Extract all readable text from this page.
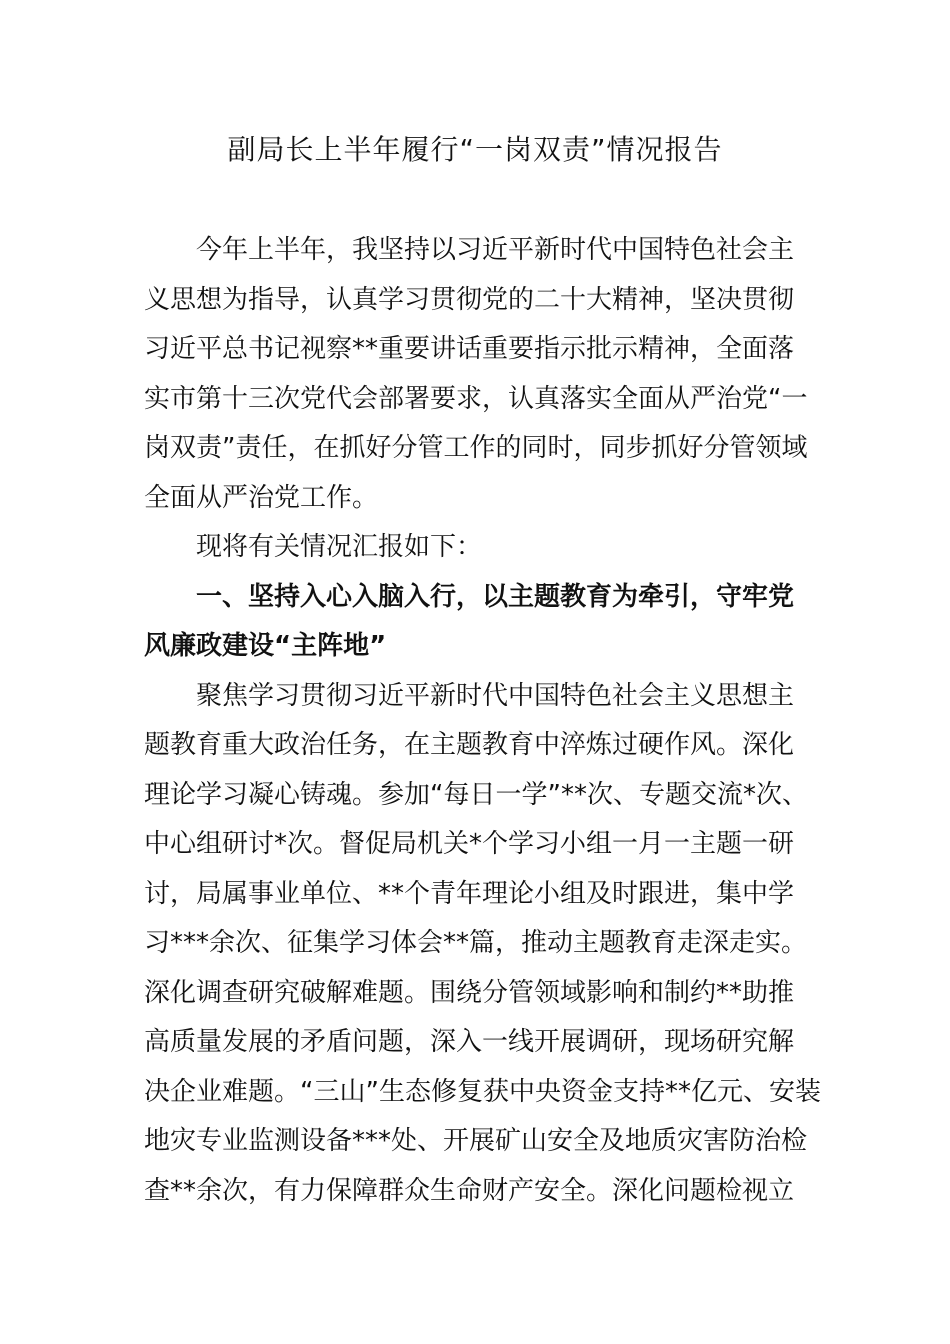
副局长上半年履行“一岗双责”情况报告

今年上半年，我坚持以习近平新时代中国特色社会主

义思想为指导，认真学习贯彻党的二十大精神，坚决贯彻

习近平总书记视察**重要讲话重要指示批示精神，全面落

实市第十三次党代会部署要求，认真落实全面从严治党“一

岗双责”责任，在抓好分管工作的同时，同步抓好分管领域

全面从严治党工作。

现将有关情况汇报如下：

一、坚持入心入脑入行，以主题教育为牵引，守牢党

风廉政建设“主阵地”

聚焦学习贯彻习近平新时代中国特色社会主义思想主

题教育重大政治任务，在主题教育中淬炼过硬作风。深化

理论学习凝心铸魂。参加“每日一学”**次、专题交流*次、

中心组研讨*次。督促局机关*个学习小组一月一主题一研

讨，局属事业单位、**个青年理论小组及时跟进，集中学

习***余次、征集学习体会**篇，推动主题教育走深走实。

深化调查研究破解难题。围绕分管领域影响和制约**助推

高质量发展的矛盾问题，深入一线开展调研，现场研究解

决企业难题。“三山”生态修复获中央资金支持**亿元、安装

地灾专业监测设备***处、开展矿山安全及地质灾害防治检

查**余次，有力保障群众生命财产安全。深化问题检视立
